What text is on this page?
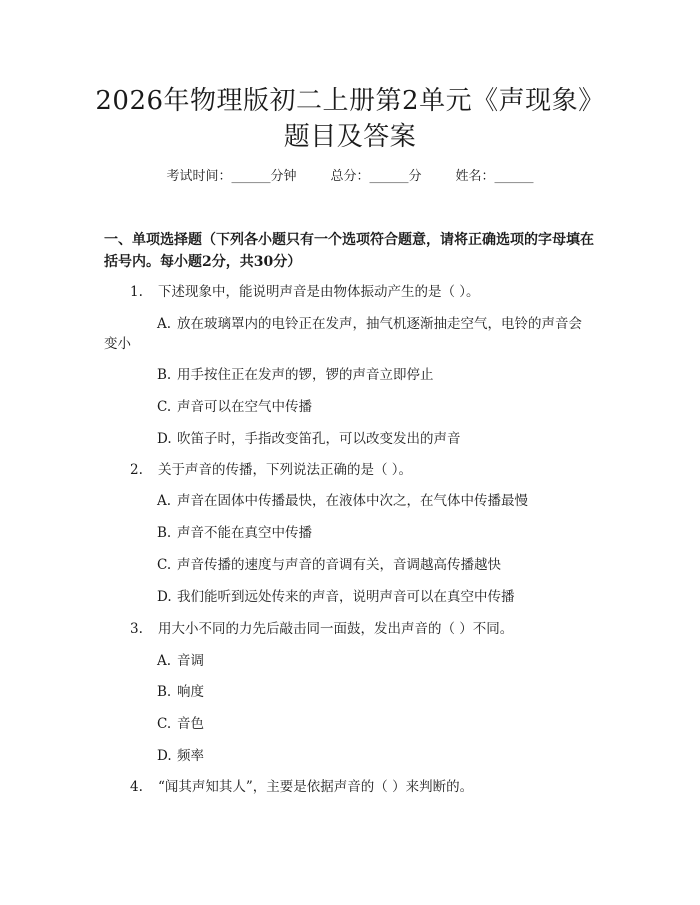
2026年物理版初二上册第2单元《声现象》
题目及答案
考试时间：______分钟	总分：______分	姓名：______
一、单项选择题（下列各小题只有一个选项符合题意，请将正确选项的字母填在
括号内。每小题2分，共30分）
1. 下述现象中，能说明声音是由物体振动产生的是（ ）。
A. 放在玻璃罩内的电铃正在发声，抽气机逐渐抽走空气，电铃的声音会
变小
B. 用手按住正在发声的锣，锣的声音立即停止
C. 声音可以在空气中传播
D. 吹笛子时，手指改变笛孔，可以改变发出的声音
2. 关于声音的传播，下列说法正确的是（ ）。
A. 声音在固体中传播最快，在液体中次之，在气体中传播最慢
B. 声音不能在真空中传播
C. 声音传播的速度与声音的音调有关，音调越高传播越快
D. 我们能听到远处传来的声音，说明声音可以在真空中传播
3. 用大小不同的力先后敲击同一面鼓，发出声音的（ ）不同。
A. 音调
B. 响度
C. 音色
D. 频率
4. “闻其声知其人”，主要是依据声音的（ ）来判断的。
